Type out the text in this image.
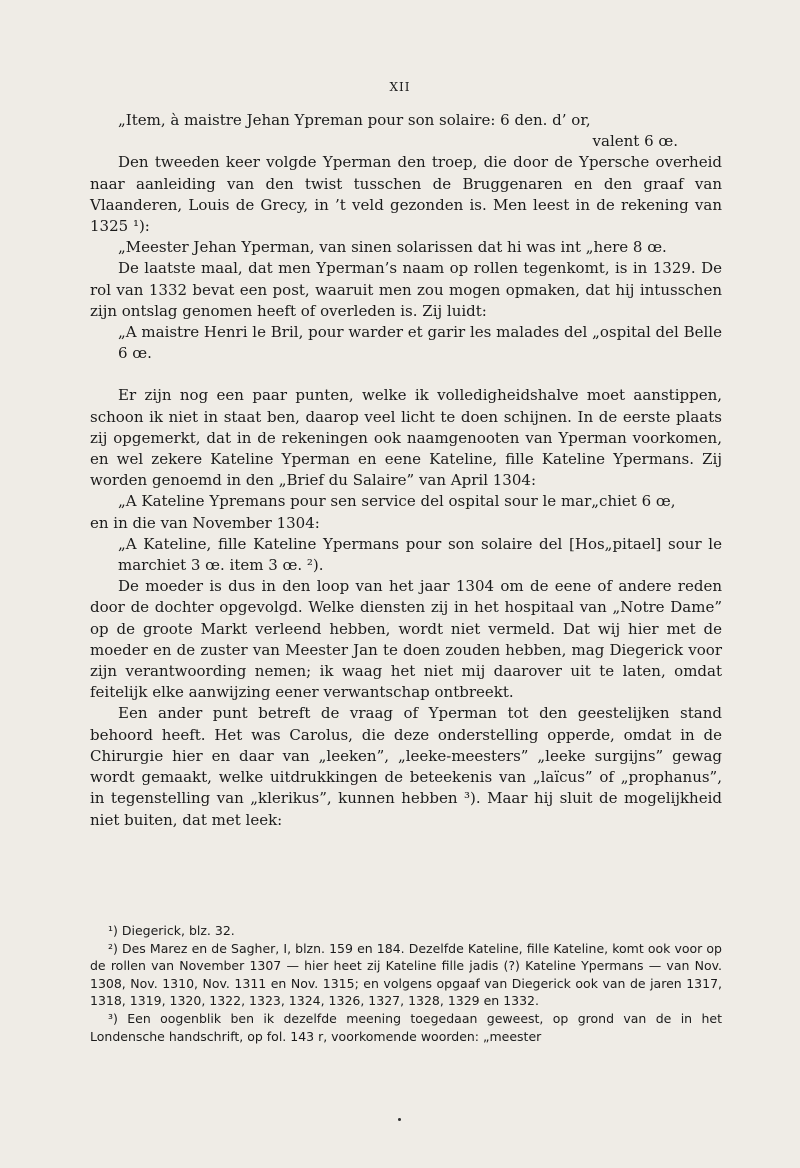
XII

„Item, à maistre Jehan Ypreman pour son solaire: 6 den. d’ or,

valent 6 œ.

Den tweeden keer volgde Yperman den troep, die door de Ypersche overheid naar aanleiding van den twist tusschen de Bruggenaren en den graaf van Vlaanderen, Louis de Grecy, in ’t veld gezonden is. Men leest in de rekening van 1325 ¹):

„Meester Jehan Yperman, van sinen solarissen dat hi was int „here 8 œ.

De laatste maal, dat men Yperman’s naam op rollen tegenkomt, is in 1329. De rol van 1332 bevat een post, waaruit men zou mogen opmaken, dat hij intusschen zijn ontslag genomen heeft of overleden is. Zij luidt:

„A maistre Henri le Bril, pour warder et garir les malades del „ospital del Belle 6 œ.

Er zijn nog een paar punten, welke ik volledigheidshalve moet aanstippen, schoon ik niet in staat ben, daarop veel licht te doen schijnen. In de eerste plaats zij opgemerkt, dat in de rekeningen ook naamgenooten van Yperman voorkomen, en wel zekere Kateline Yperman en eene Kateline, fille Kateline Ypermans. Zij worden genoemd in den „Brief du Salaire” van April 1304:

„A Kateline Ypremans pour sen service del ospital sour le mar„chiet 6 œ,

en in die van November 1304:

„A Kateline, fille Kateline Ypermans pour son solaire del [Hos„pitael] sour le marchiet 3 œ. item 3 œ. ²).

De moeder is dus in den loop van het jaar 1304 om de eene of andere reden door de dochter opgevolgd. Welke diensten zij in het hospitaal van „Notre Dame” op de groote Markt verleend hebben, wordt niet vermeld. Dat wij hier met de moeder en de zuster van Meester Jan te doen zouden hebben, mag Diegerick voor zijn verantwoording nemen; ik waag het niet mij daarover uit te laten, omdat feitelijk elke aanwijzing eener verwantschap ontbreekt.

Een ander punt betreft de vraag of Yperman tot den geestelijken stand behoord heeft. Het was Carolus, die deze onderstelling opperde, omdat in de Chirurgie hier en daar van „leeken”, „leeke-meesters” „leeke surgijns” gewag wordt gemaakt, welke uitdrukkingen de beteekenis van „laïcus” of „prophanus”, in tegenstelling van „klerikus”, kunnen hebben ³). Maar hij sluit de mogelijkheid niet buiten, dat met leek:

¹) Diegerick, blz. 32.

²) Des Marez en de Sagher, I, blzn. 159 en 184. Dezelfde Kateline, fille Kateline, komt ook voor op de rollen van November 1307 — hier heet zij Kateline fille jadis (?) Kateline Ypermans — van Nov. 1308, Nov. 1310, Nov. 1311 en Nov. 1315; en volgens opgaaf van Diegerick ook van de jaren 1317, 1318, 1319, 1320, 1322, 1323, 1324, 1326, 1327, 1328, 1329 en 1332.

³) Een oogenblik ben ik dezelfde meening toegedaan geweest, op grond van de in het Londensche handschrift, op fol. 143 r, voorkomende woorden: „meester
